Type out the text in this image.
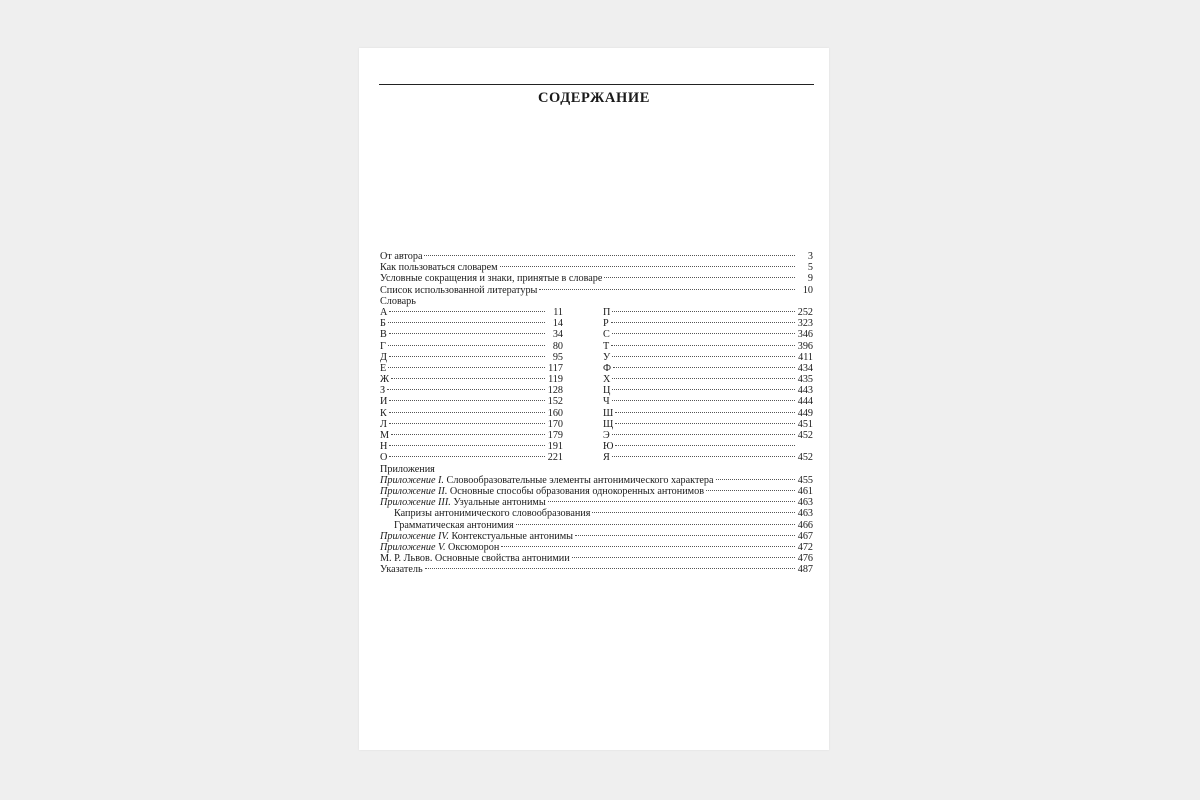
СОДЕРЖАНИЕ
От автора	3
Как пользоваться словарем	5
Условные сокращения и знаки, принятые в словаре	9
Список использованной литературы	10
Словарь
А	11
Б	14
В	34
Г	80
Д	95
Е	117
Ж	119
З	128
И	152
К	160
Л	170
М	179
Н	191
О	221
П	252
Р	323
С	346
Т	396
У	411
Ф	434
Х	435
Ц	443
Ч	444
Ш	449
Щ	451
Э	452
Ю
Я	452
Приложения
Приложение I. Словообразовательные элементы антонимического характера	455
Приложение II. Основные способы образования однокоренных антонимов	461
Приложение III. Узуальные антонимы	463
Капризы антонимического словообразования	463
Грамматическая антонимия	466
Приложение IV. Контекстуальные антонимы	467
Приложение V. Оксюморон	472
М. Р. Львов. Основные свойства антонимии	476
Указатель	487
